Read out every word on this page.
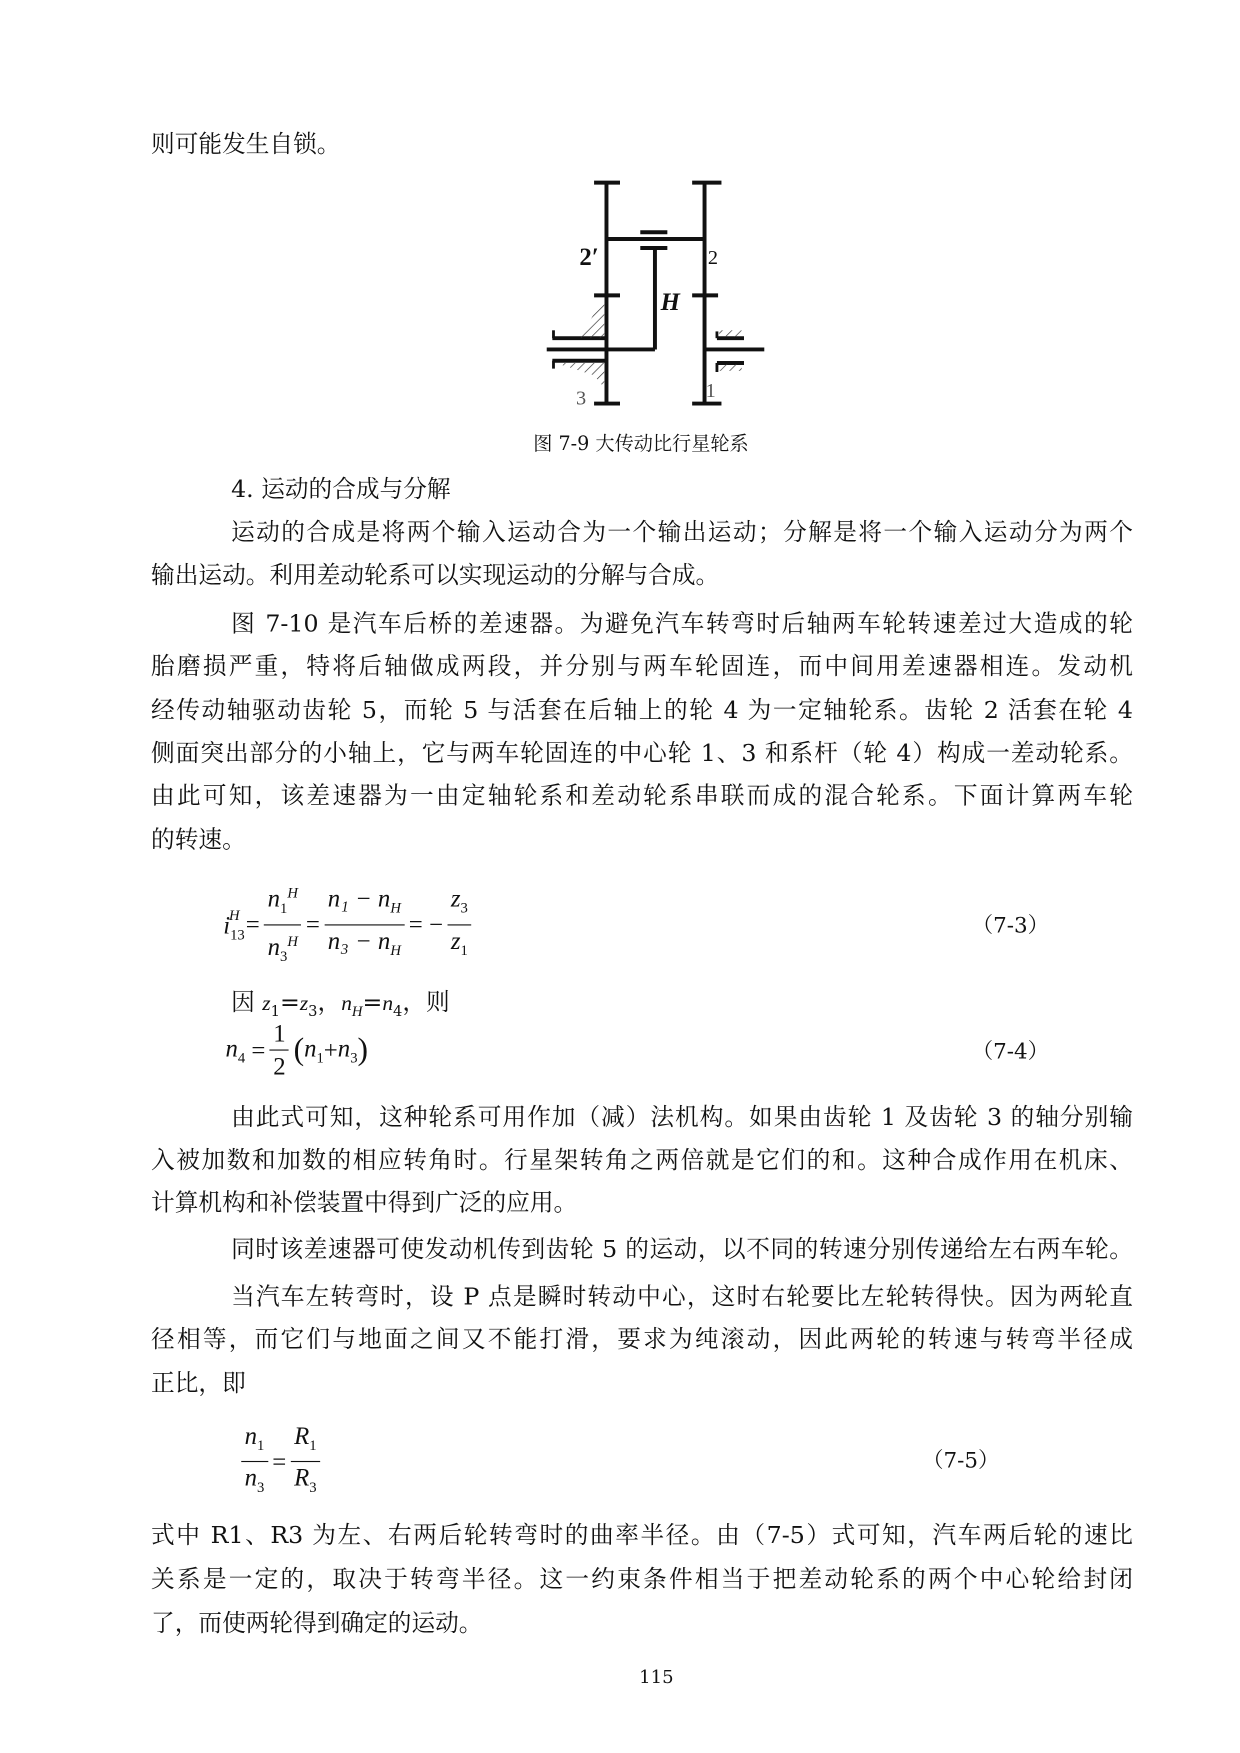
则可能发生自锁。
2′	2
H
3	1
图 7-9 大传动比行星轮系
4. 运动的合成与分解
运动的合成是将两个输入运动合为一个输出运动；分解是将一个输入运动分为两个
输出运动。利用差动轮系可以实现运动的分解与合成。
图 7-10 是汽车后桥的差速器。为避免汽车转弯时后轴两车轮转速差过大造成的轮
胎磨损严重，特将后轴做成两段，并分别与两车轮固连，而中间用差速器相连。发动机
经传动轴驱动齿轮 5，而轮 5 与活套在后轴上的轮 4 为一定轴轮系。齿轮 2 活套在轮 4
侧面突出部分的小轴上，它与两车轮固连的中心轮 1、3 和系杆（轮 4）构成一差动轮系。
由此可知，该差速器为一由定轴轮系和差动轮系串联而成的混合轮系。下面计算两车轮
的转速。
$i_{13}^H = \frac{n_1^H}{n_3^H} = \frac{n_1 - n_H}{n_3 - n_H}$ = − $\frac{z_3}{z_1}$	（7-3）
因 $z_1=z_3$，$n_H=n_4$，则
$n_4 = \frac{1}{2}$ ( $n_1 + n_3$ )	（7-4）
由此式可知，这种轮系可用作加（减）法机构。如果由齿轮 1 及齿轮 3 的轴分别输
入被加数和加数的相应转角时。行星架转角之两倍就是它们的和。这种合成作用在机床、
计算机构和补偿装置中得到广泛的应用。
同时该差速器可使发动机传到齿轮 5 的运动，以不同的转速分别传递给左右两车轮。
当汽车左转弯时，设 P 点是瞬时转动中心，这时右轮要比左轮转得快。因为两轮直
径相等，而它们与地面之间又不能打滑，要求为纯滚动，因此两轮的转速与转弯半径成
正比，即
$\frac{n_1}{n_3} = \frac{R_1}{R_3}$	（7-5）
式中 R1、R3 为左、右两后轮转弯时的曲率半径。由（7-5）式可知，汽车两后轮的速比
关系是一定的，取决于转弯半径。这一约束条件相当于把差动轮系的两个中心轮给封闭
了，而使两轮得到确定的运动。
115
